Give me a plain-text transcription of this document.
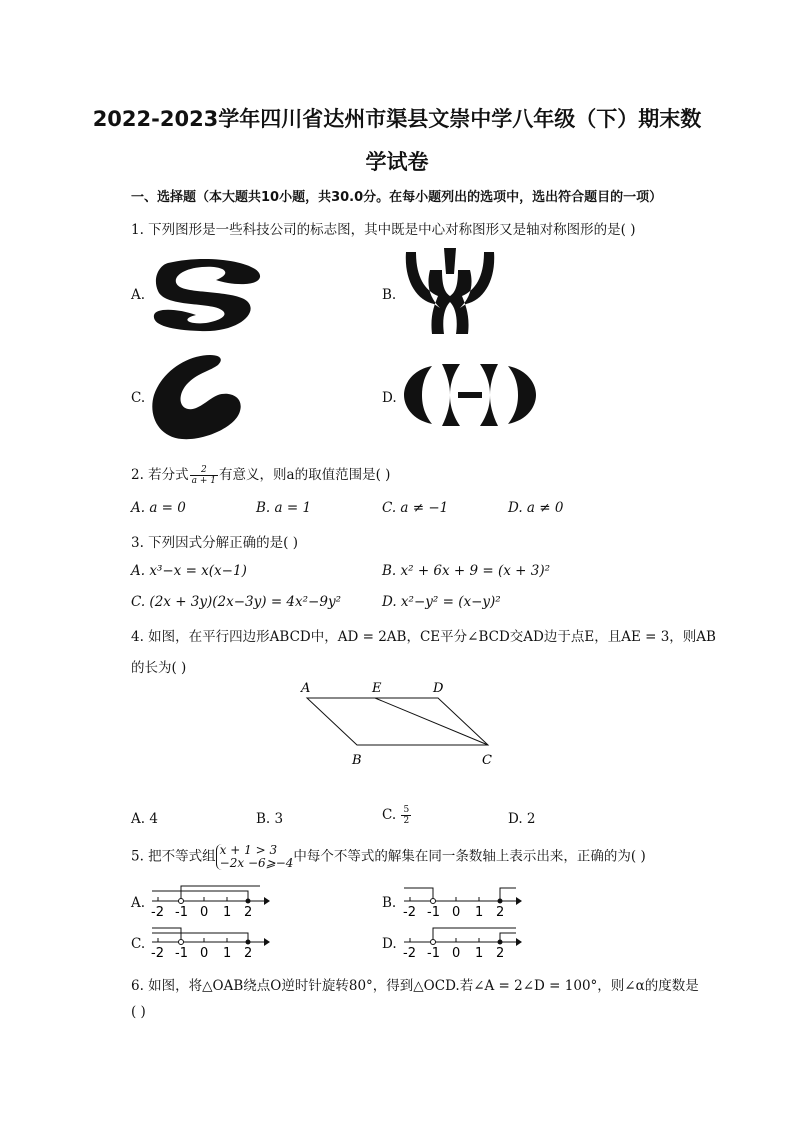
2022-2023学年四川省达州市渠县文崇中学八年级（下）期末数
学试卷
一、选择题（本大题共10小题，共30.0分。在每小题列出的选项中，选出符合题目的一项）
1. 下列图形是一些科技公司的标志图，其中既是中心对称图形又是轴对称图形的是( )
A.	B.
C.	D.
2. 若分式 $\frac{2}{a + 1}$ 有意义，则a的取值范围是( )
A. a = 0	B. a = 1	C. a ≠ −1	D. a ≠ 0
3. 下列因式分解正确的是( )
A. x³−x = x(x−1)	B. x² + 6x + 9 = (x + 3)²
C. (2x + 3y)(2x−3y) = 4x²−9y²	D. x²−y² = (x−y)²
4. 如图，在平行四边形ABCD中，AD = 2AB，CE平分∠BCD交AD边于点E，且AE = 3，则AB
的长为( )
A	E	D
B	C
A. 4	B. 3	C. $\frac{5}{2}$	D. 2
5. 把不等式组 x + 1 > 3
−2x −6⩾−4 中每个不等式的解集在同一条数轴上表示出来，正确的为( )
A.
-2 -1 0 1 2
B.
-2 -1 0 1 2
C.
-2 -1 0 1 2
D.
-2 -1 0 1 2
6. 如图，将△OAB绕点O逆时针旋转80°，得到△OCD.若∠A = 2∠D = 100°，则∠α的度数是
( )
